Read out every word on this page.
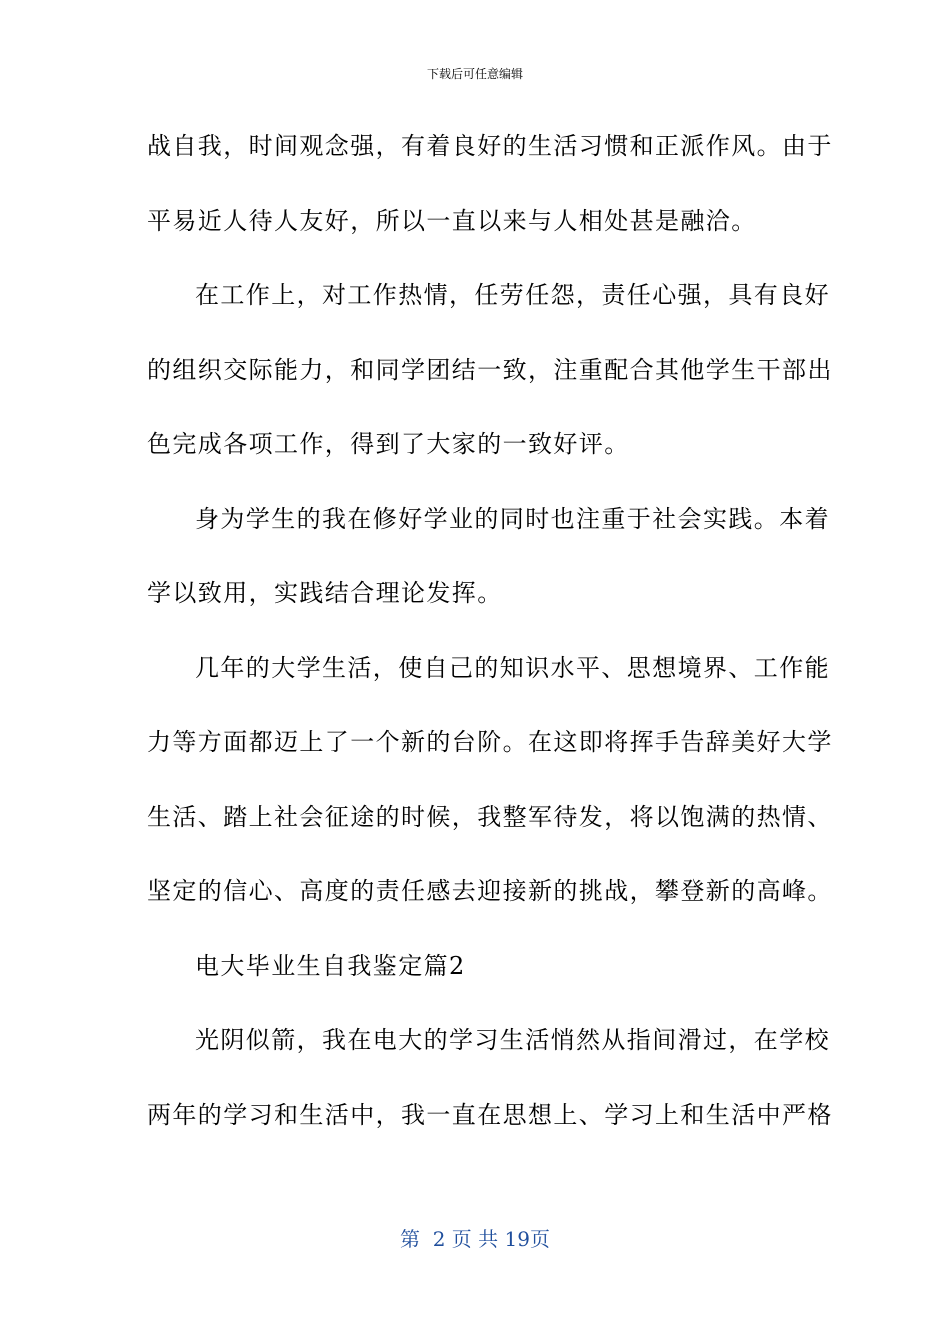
下载后可任意编辑
战自我，时间观念强，有着良好的生活习惯和正派作风。由于
平易近人待人友好，所以一直以来与人相处甚是融洽。
在工作上，对工作热情，任劳任怨，责任心强，具有良好
的组织交际能力，和同学团结一致，注重配合其他学生干部出
色完成各项工作，得到了大家的一致好评。
身为学生的我在修好学业的同时也注重于社会实践。本着
学以致用，实践结合理论发挥。
几年的大学生活，使自己的知识水平、思想境界、工作能
力等方面都迈上了一个新的台阶。在这即将挥手告辞美好大学
生活、踏上社会征途的时候，我整军待发，将以饱满的热情、
坚定的信心、高度的责任感去迎接新的挑战，攀登新的高峰。
电大毕业生自我鉴定篇2
光阴似箭，我在电大的学习生活悄然从指间滑过，在学校
两年的学习和生活中，我一直在思想上、学习上和生活中严格
第  2 页 共 19页
